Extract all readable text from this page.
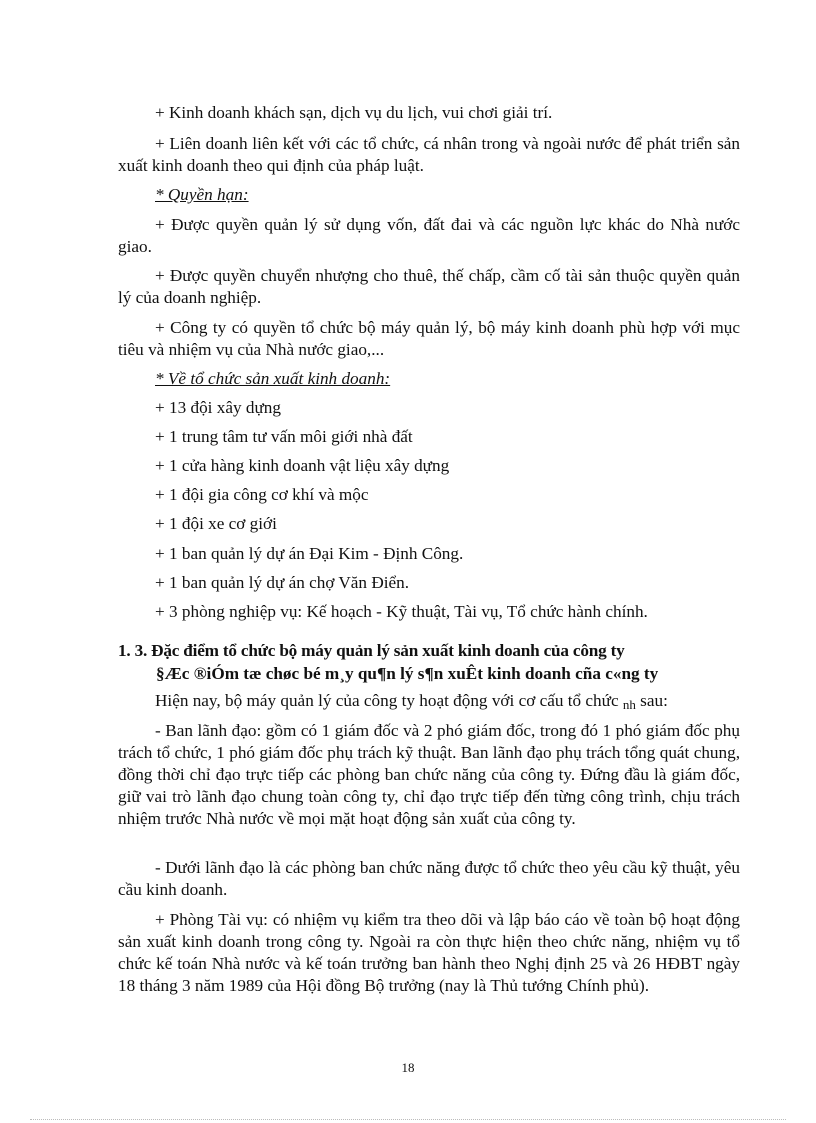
+ Kinh doanh khách sạn, dịch vụ du lịch, vui chơi giải trí.

+ Liên doanh liên kết với các tổ chức, cá nhân trong và ngoài nước để phát triển sản xuất kinh doanh theo qui định của pháp luật.

* Quyền hạn:

+ Được quyền quản lý sử dụng vốn, đất đai và các nguồn lực khác do Nhà nước giao.

+ Được quyền chuyển nhượng cho thuê, thế chấp, cầm cố tài sản thuộc quyền quản lý của doanh nghiệp.

+ Công ty có quyền tổ chức bộ máy quản lý, bộ máy kinh doanh phù hợp với mục tiêu và nhiệm vụ của Nhà nước giao,...

* Về tổ chức sản xuất kinh doanh:

+ 13 đội xây dựng

+ 1 trung tâm tư vấn môi giới nhà đất

+ 1 cửa hàng kinh doanh vật liệu xây dựng

+ 1 đội gia công cơ khí và mộc

+ 1 đội xe cơ giới

+ 1 ban quản lý dự án Đại Kim - Định Công.

+ 1 ban quản lý dự án chợ Văn Điển.

+ 3 phòng nghiệp vụ: Kế hoạch - Kỹ thuật, Tài vụ, Tổ chức hành chính.

1. 3. Đặc điểm tổ chức bộ máy quản lý sản xuất kinh doanh của công ty

§Æc ®iÓm tæ chøc bé m¸y qu¶n lý s¶n xuÊt kinh doanh cña c«ng ty

Hiện nay, bộ máy quản lý của công ty hoạt động với cơ cấu tổ chức $_{nh}$ sau:

- Ban lãnh đạo: gồm có 1 giám đốc và 2 phó giám đốc, trong đó 1 phó giám đốc phụ trách tổ chức, 1 phó giám đốc phụ trách kỹ thuật. Ban lãnh đạo phụ trách tổng quát chung, đồng thời chỉ đạo trực tiếp các phòng ban chức năng của công ty. Đứng đầu là giám đốc, giữ vai trò lãnh đạo chung toàn công ty, chỉ đạo trực tiếp đến từng công trình, chịu trách nhiệm trước Nhà nước về mọi mặt hoạt động sản xuất của công ty.

- Dưới lãnh đạo là các phòng ban chức năng được tổ chức theo yêu cầu kỹ thuật, yêu cầu kinh doanh.

+ Phòng Tài vụ: có nhiệm vụ kiểm tra theo dõi và lập báo cáo về toàn bộ hoạt động sản xuất kinh doanh trong công ty. Ngoài ra còn thực hiện theo chức năng, nhiệm vụ tổ chức kế toán Nhà nước và kế toán trưởng ban hành theo Nghị định 25 và 26 HĐBT ngày 18 tháng 3 năm 1989 của Hội đồng Bộ trưởng (nay là Thủ tướng Chính phủ).

18
